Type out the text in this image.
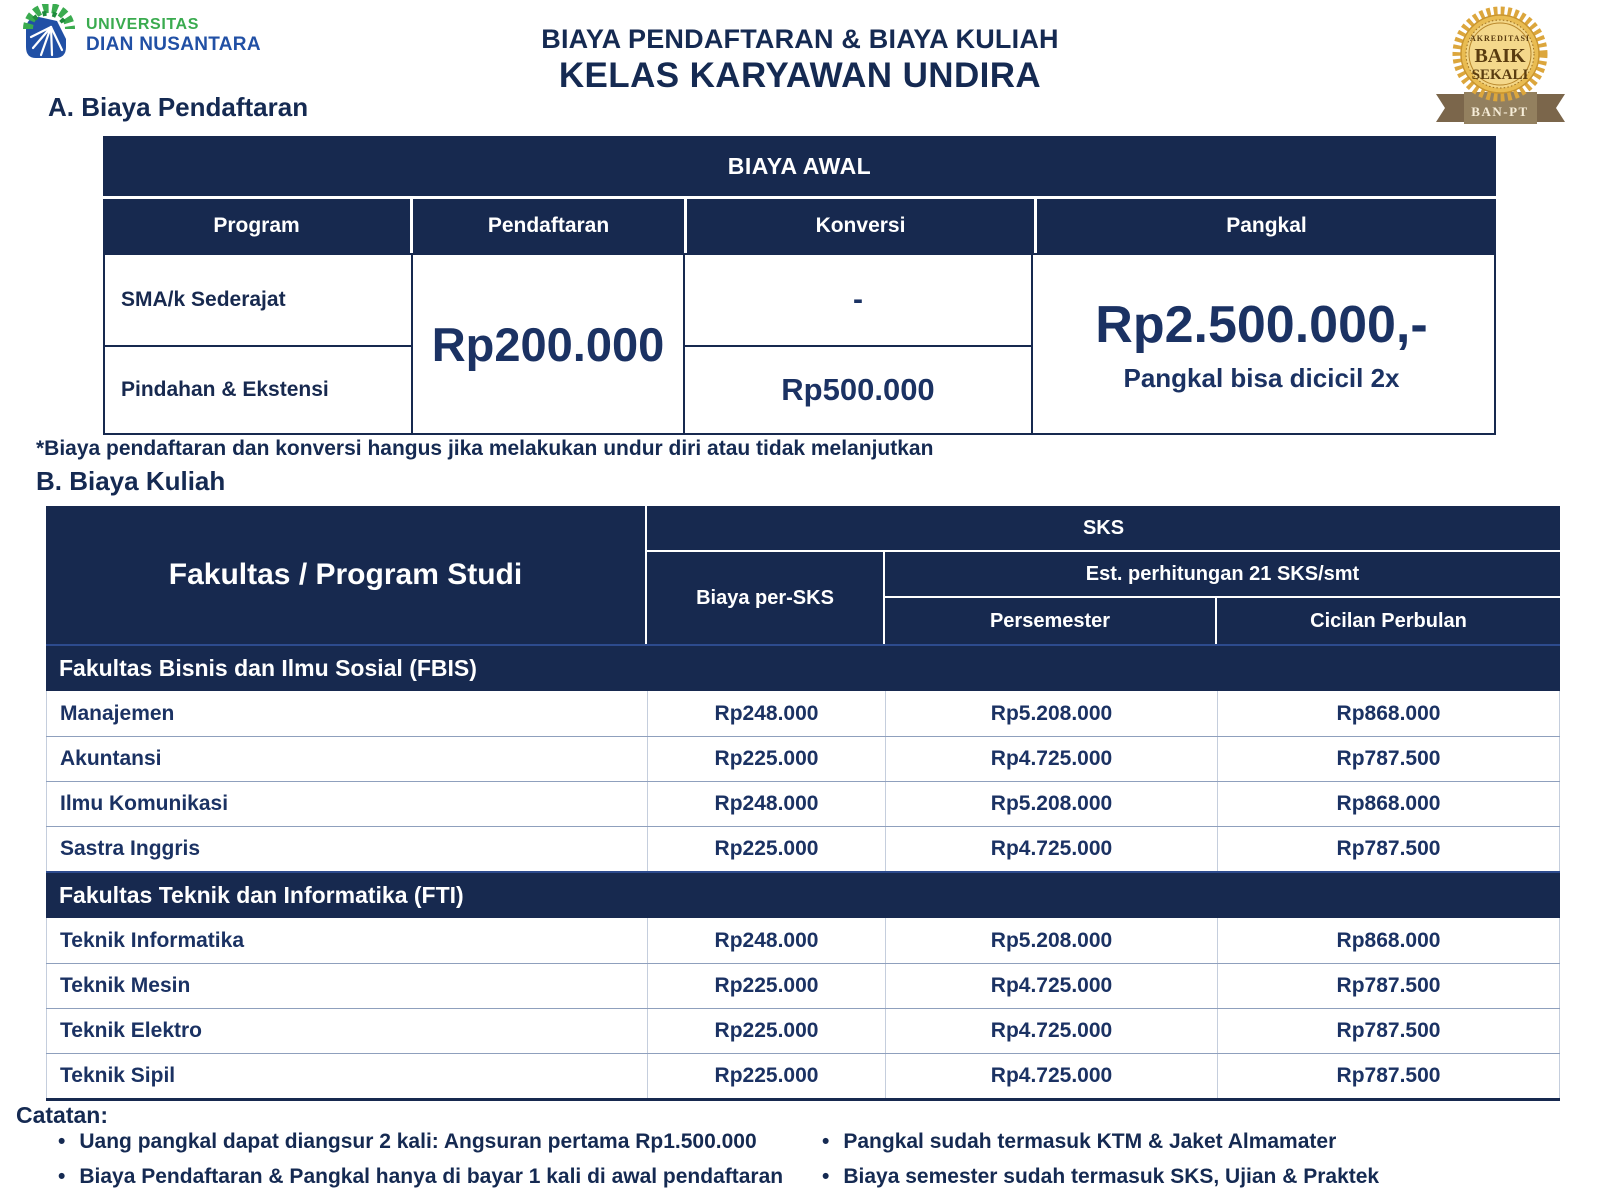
UNIVERSITAS
DIAN NUSANTARA	BIAYA PENDAFTARAN & BIAYA KULIAH
KELAS KARYAWAN UNDIRA
AKREDITASI
BAIK
SEKALI
BAN-PT
A. Biaya Pendaftaran
BIAYA AWAL
Program	Pendaftaran	Konversi	Pangkal
SMA/k Sederajat
Rp200.000
-	Rp2.500.000,-
Pangkal bisa dicicil 2x
Pindahan & Ekstensi	Rp500.000
*Biaya pendaftaran dan konversi hangus jika melakukan undur diri atau tidak melanjutkan
B. Biaya Kuliah
Fakultas / Program Studi
SKS
Biaya per-SKS
Est. perhitungan 21 SKS/smt
Persemester	Cicilan Perbulan
Fakultas Bisnis dan Ilmu Sosial (FBIS)
Manajemen	Rp248.000	Rp5.208.000	Rp868.000
Akuntansi	Rp225.000	Rp4.725.000	Rp787.500
Ilmu Komunikasi	Rp248.000	Rp5.208.000	Rp868.000
Sastra Inggris	Rp225.000	Rp4.725.000	Rp787.500
Fakultas Teknik dan Informatika (FTI)
Teknik Informatika	Rp248.000	Rp5.208.000	Rp868.000
Teknik Mesin	Rp225.000	Rp4.725.000	Rp787.500
Teknik Elektro	Rp225.000	Rp4.725.000	Rp787.500
Teknik Sipil	Rp225.000	Rp4.725.000	Rp787.500
Catatan:
• Uang pangkal dapat diangsur 2 kali: Angsuran pertama Rp1.500.000
• Biaya Pendaftaran & Pangkal hanya di bayar 1 kali di awal pendaftaran
• Pangkal sudah termasuk KTM & Jaket Almamater
• Biaya semester sudah termasuk SKS, Ujian & Praktek
